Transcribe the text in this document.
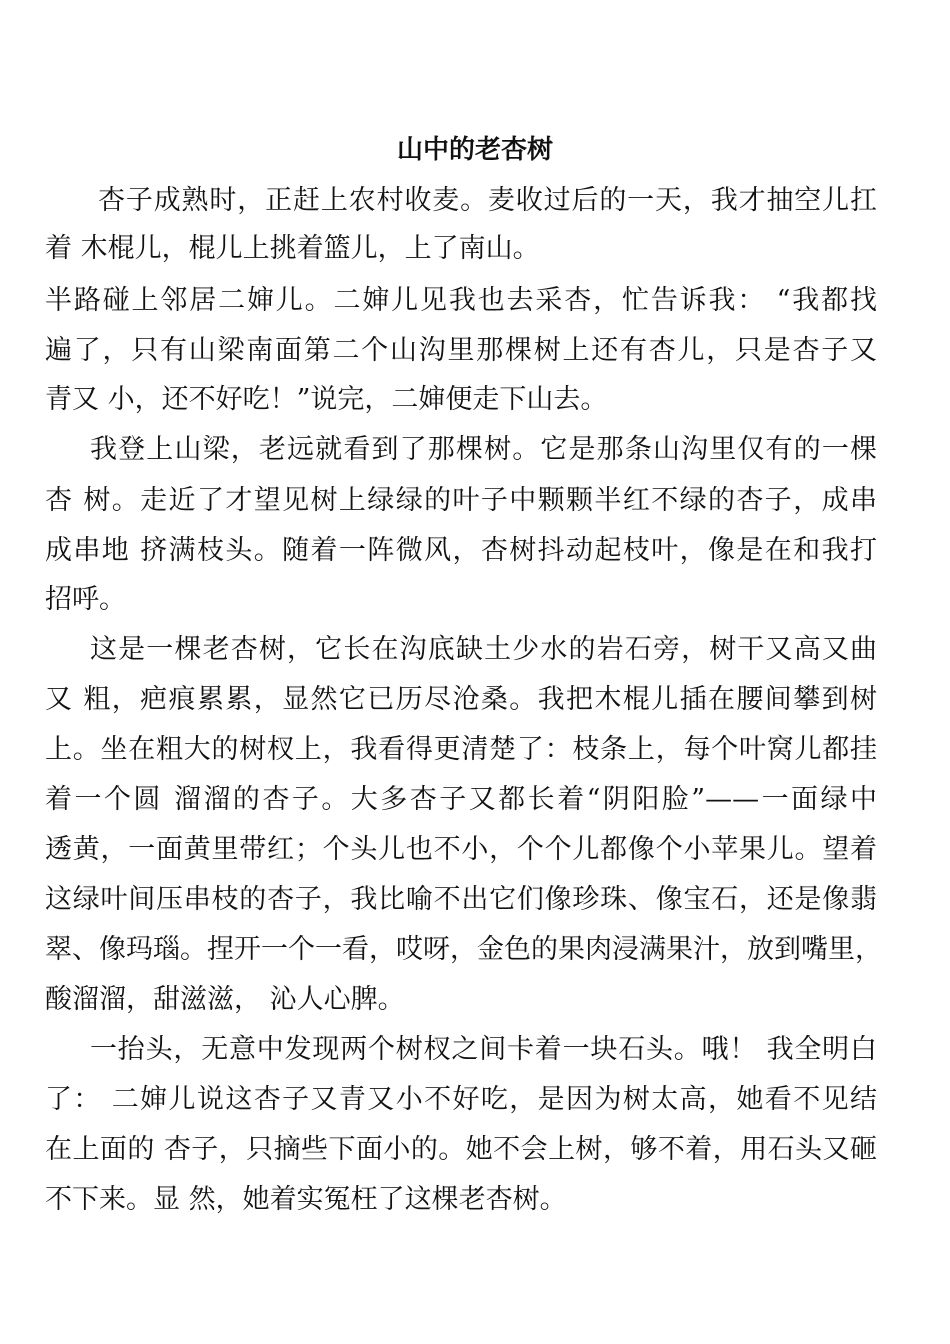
山中的老杏树
杏子成熟时，正赶上农村收麦。麦收过后的一天，我才抽空儿扛
着 木棍儿，棍儿上挑着篮儿，上了南山。
半路碰上邻居二婶儿。二婶儿见我也去采杏，忙告诉我： “我都找
遍了，只有山梁南面第二个山沟里那棵树上还有杏儿，只是杏子又
青又 小，还不好吃！”说完，二婶便走下山去。
我登上山梁，老远就看到了那棵树。它是那条山沟里仅有的一棵
杏 树。走近了才望见树上绿绿的叶子中颗颗半红不绿的杏子，成串
成串地 挤满枝头。随着一阵微风，杏树抖动起枝叶，像是在和我打
招呼。
这是一棵老杏树，它长在沟底缺土少水的岩石旁，树干又高又曲
又 粗，疤痕累累，显然它已历尽沧桑。我把木棍儿插在腰间攀到树
上。坐在粗大的树杈上，我看得更清楚了：枝条上，每个叶窝儿都挂
着一个圆 溜溜的杏子。大多杏子又都长着“阴阳脸”——一面绿中
透黄，一面黄里带红；个头儿也不小，个个儿都像个小苹果儿。望着
这绿叶间压串枝的杏子，我比喻不出它们像珍珠、像宝石，还是像翡
翠、像玛瑙。捏开一个一看，哎呀，金色的果肉浸满果汁，放到嘴里，
酸溜溜，甜滋滋， 沁人心脾。
一抬头，无意中发现两个树杈之间卡着一块石头。哦！ 我全明白
了： 二婶儿说这杏子又青又小不好吃，是因为树太高，她看不见结
在上面的 杏子，只摘些下面小的。她不会上树，够不着，用石头又砸
不下来。显 然，她着实冤枉了这棵老杏树。
